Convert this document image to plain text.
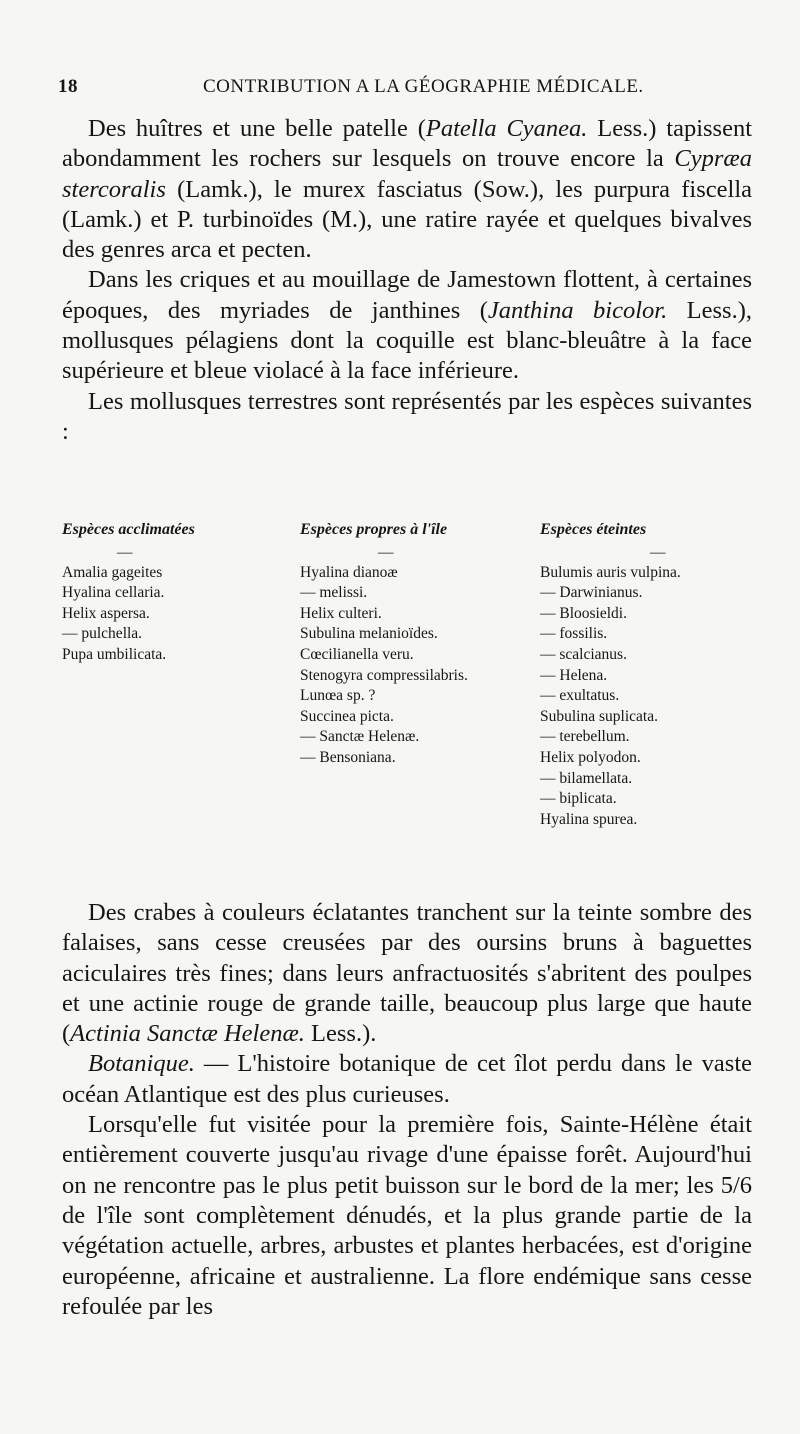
18	CONTRIBUTION A LA GÉOGRAPHIE MÉDICALE.

Des huîtres et une belle patelle (Patella Cyanea. Less.) tapissent abondamment les rochers sur lesquels on trouve encore la Cypræa stercoralis (Lamk.), le murex fasciatus (Sow.), les purpura fiscella (Lamk.) et P. turbinoïdes (M.), une ratire rayée et quelques bivalves des genres arca et pecten.

Dans les criques et au mouillage de Jamestown flottent, à certaines époques, des myriades de janthines (Janthina bicolor. Less.), mollusques pélagiens dont la coquille est blanc-bleuâtre à la face supérieure et bleue violacé à la face inférieure.

Les mollusques terrestres sont représentés par les espèces suivantes :

Espèces acclimatées
—
Amalia gageites
Hyalina cellaria.
Helix aspersa.
— pulchella.
Pupa umbilicata.
Espèces propres à l'île
—
Hyalina dianoæ
— melissi.
Helix culteri.
Subulina melanioïdes.
Cœcilianella veru.
Stenogyra compressilabris.
Lunœa sp. ?
Succinea picta.
— Sanctæ Helenæ.
— Bensoniana.
Espèces éteintes
—
Bulumis auris vulpina.
— Darwinianus.
— Bloosieldi.
— fossilis.
— scalcianus.
— Helena.
— exultatus.
Subulina suplicata.
— terebellum.
Helix polyodon.
— bilamellata.
— biplicata.
Hyalina spurea.

Des crabes à couleurs éclatantes tranchent sur la teinte sombre des falaises, sans cesse creusées par des oursins bruns à baguettes aciculaires très fines; dans leurs anfractuosités s'abritent des poulpes et une actinie rouge de grande taille, beaucoup plus large que haute (Actinia Sanctæ Helenæ. Less.).

Botanique. — L'histoire botanique de cet îlot perdu dans le vaste océan Atlantique est des plus curieuses.

Lorsqu'elle fut visitée pour la première fois, Sainte-Hélène était entièrement couverte jusqu'au rivage d'une épaisse forêt. Aujourd'hui on ne rencontre pas le plus petit buisson sur le bord de la mer; les 5/6 de l'île sont complètement dénudés, et la plus grande partie de la végétation actuelle, arbres, arbustes et plantes herbacées, est d'origine européenne, africaine et australienne. La flore endémique sans cesse refoulée par les
